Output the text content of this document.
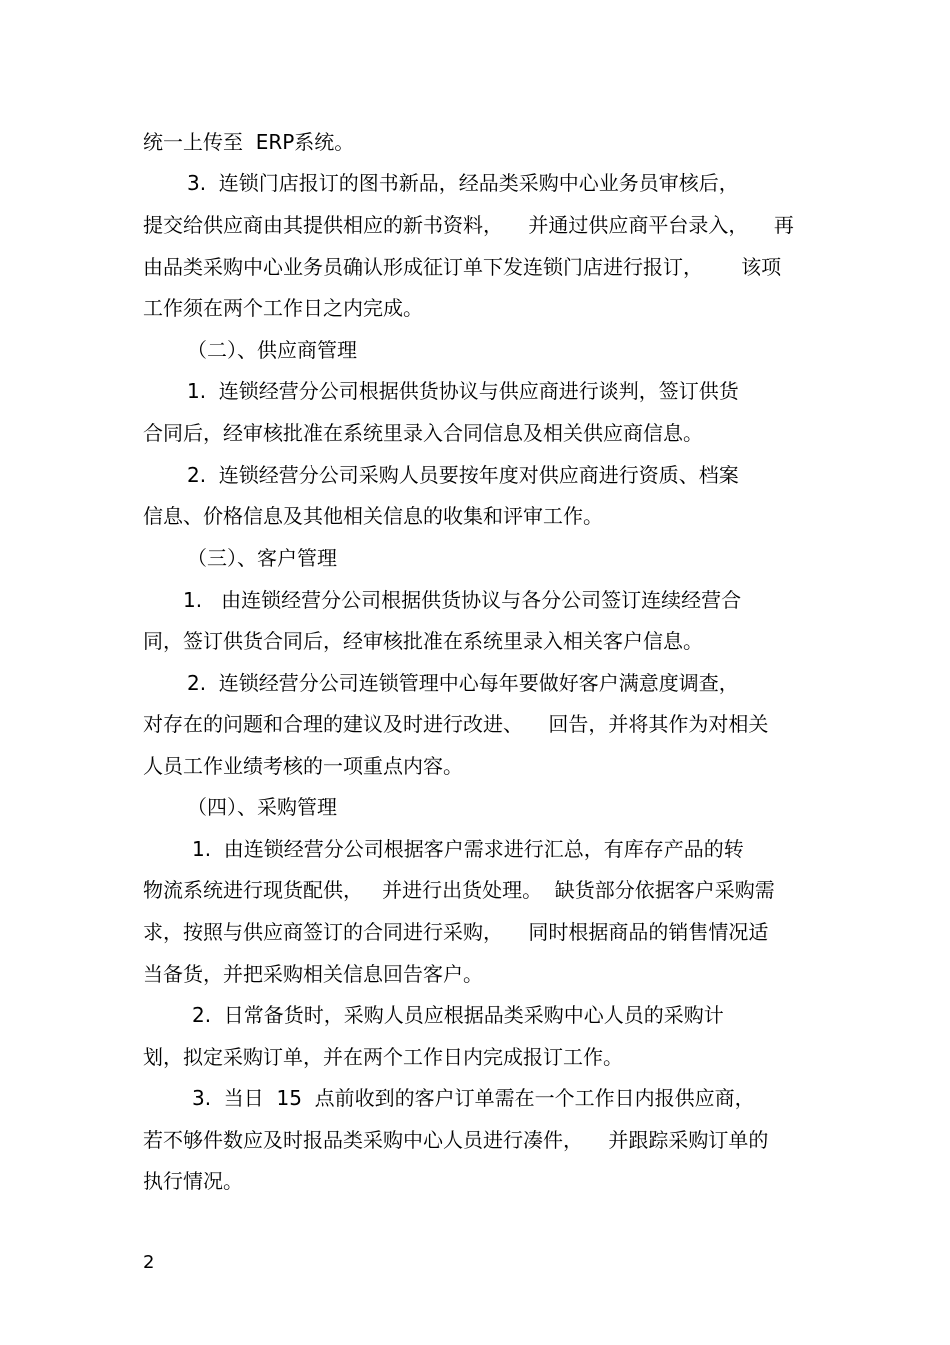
统一上传至  ERP系统。
3.  连锁门店报订的图书新品，经品类采购中心业务员审核后，
提交给供应商由其提供相应的新书资料，    并通过供应商平台录入，    再
由品类采购中心业务员确认形成征订单下发连锁门店进行报订，      该项
工作须在两个工作日之内完成。
（二）、供应商管理
1.  连锁经营分公司根据供货协议与供应商进行谈判，签订供货
合同后，经审核批准在系统里录入合同信息及相关供应商信息。
2.  连锁经营分公司采购人员要按年度对供应商进行资质、档案
信息、价格信息及其他相关信息的收集和评审工作。
（三）、客户管理
1.   由连锁经营分公司根据供货协议与各分公司签订连续经营合
同，签订供货合同后，经审核批准在系统里录入相关客户信息。
2.  连锁经营分公司连锁管理中心每年要做好客户满意度调查，
对存在的问题和合理的建议及时进行改进、    回告，并将其作为对相关
人员工作业绩考核的一项重点内容。
（四）、采购管理
1.  由连锁经营分公司根据客户需求进行汇总，有库存产品的转
物流系统进行现货配供，   并进行出货处理。  缺货部分依据客户采购需
求，按照与供应商签订的合同进行采购，    同时根据商品的销售情况适
当备货，并把采购相关信息回告客户。
2.  日常备货时，采购人员应根据品类采购中心人员的采购计
划，拟定采购订单，并在两个工作日内完成报订工作。
3.  当日  15  点前收到的客户订单需在一个工作日内报供应商，
若不够件数应及时报品类采购中心人员进行凑件，    并跟踪采购订单的
执行情况。
2
